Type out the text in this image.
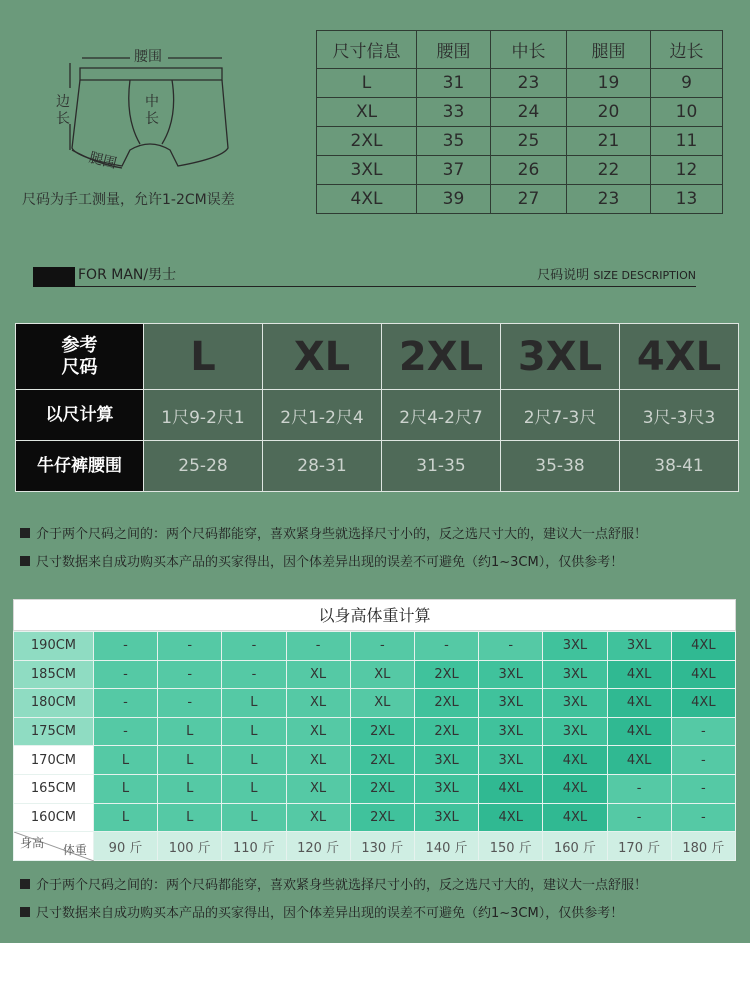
腰围
边长
中长
腿围
尺码为手工测量，允许1-2CM误差
尺寸信息	腰围	中长	腿围	边长
L	31	23	19	9
XL	33	24	20	10
2XL	35	25	21	11
3XL	37	26	22	12
4XL	39	27	23	13
FOR MAN/男士	尺码说明 SIZE DESCRIPTION
参考尺码	L	XL	2XL	3XL	4XL
以尺计算	1尺9-2尺1	2尺1-2尺4	2尺4-2尺7	2尺7-3尺	3尺-3尺3
牛仔裤腰围	25-28	28-31	31-35	35-38	38-41
介于两个尺码之间的：两个尺码都能穿，喜欢紧身些就选择尺寸小的，反之选尺寸大的，建议大一点舒服！
尺寸数据来自成功购买本产品的买家得出，因个体差异出现的误差不可避免（约1~3CM），仅供参考！
以身高体重计算
190CM	-	-	-	-	-	-	-	3XL	3XL	4XL
185CM	-	-	-	XL	XL	2XL	3XL	3XL	4XL	4XL
180CM	-	-	L	XL	XL	2XL	3XL	3XL	4XL	4XL
175CM	-	L	L	XL	2XL	2XL	3XL	3XL	4XL	-
170CM	L	L	L	XL	2XL	3XL	3XL	4XL	4XL	-
165CM	L	L	L	XL	2XL	3XL	4XL	4XL	-	-
160CM	L	L	L	XL	2XL	3XL	4XL	4XL	-	-

身高 体重	90 斤	100 斤	110 斤	120 斤	130 斤	140 斤	150 斤	160 斤	170 斤	180 斤
介于两个尺码之间的：两个尺码都能穿，喜欢紧身些就选择尺寸小的，反之选尺寸大的，建议大一点舒服！
尺寸数据来自成功购买本产品的买家得出，因个体差异出现的误差不可避免（约1~3CM），仅供参考！
